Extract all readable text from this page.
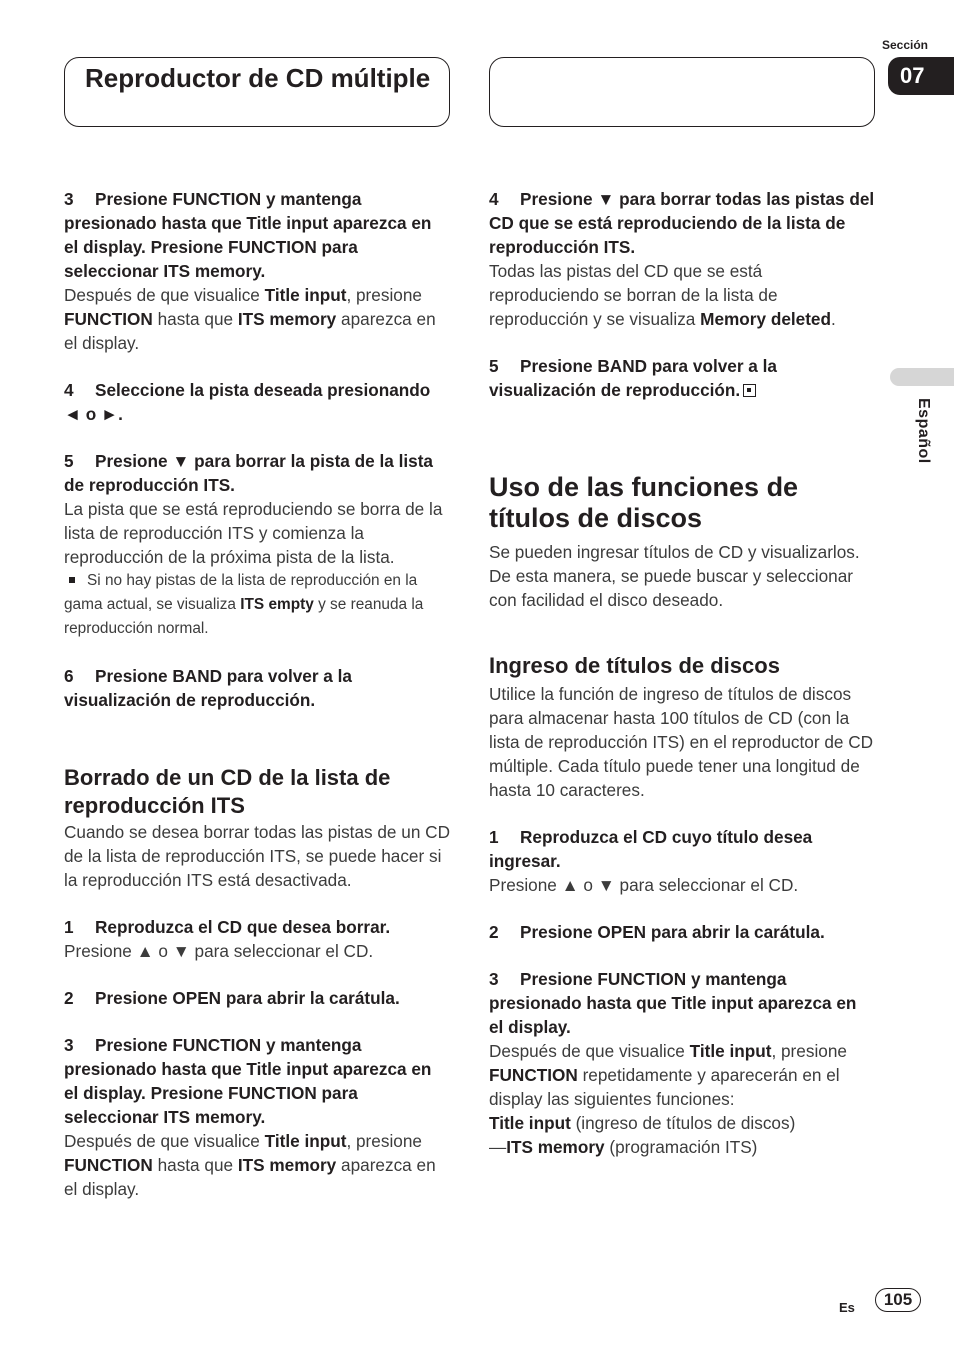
Reproductor de CD múltiple
Sección
07
Español

3 Presione FUNCTION y mantenga presionado hasta que Title input aparezca en el display. Presione FUNCTION para seleccionar ITS memory.

Después de que visualice Title input, presione FUNCTION hasta que ITS memory aparezca en el display.

4 Seleccione la pista deseada presionando ◄ o ►.

5 Presione ▼ para borrar la pista de la lista de reproducción ITS.

La pista que se está reproduciendo se borra de la lista de reproducción ITS y comienza la reproducción de la próxima pista de la lista.

Si no hay pistas de la lista de reproducción en la gama actual, se visualiza ITS empty y se reanuda la reproducción normal.

6 Presione BAND para volver a la visualización de reproducción.

Borrado de un CD de la lista de reproducción ITS

Cuando se desea borrar todas las pistas de un CD de la lista de reproducción ITS, se puede hacer si la reproducción ITS está desactivada.

1 Reproduzca el CD que desea borrar.

Presione ▲ o ▼ para seleccionar el CD.

2 Presione OPEN para abrir la carátula.

3 Presione FUNCTION y mantenga presionado hasta que Title input aparezca en el display. Presione FUNCTION para seleccionar ITS memory.

Después de que visualice Title input, presione FUNCTION hasta que ITS memory aparezca en el display.

4 Presione ▼ para borrar todas las pistas del CD que se está reproduciendo de la lista de reproducción ITS.

Todas las pistas del CD que se está reproduciendo se borran de la lista de reproducción y se visualiza Memory deleted.

5 Presione BAND para volver a la visualización de reproducción.

Uso de las funciones de títulos de discos

Se pueden ingresar títulos de CD y visualizarlos. De esta manera, se puede buscar y seleccionar con facilidad el disco deseado.

Ingreso de títulos de discos

Utilice la función de ingreso de títulos de discos para almacenar hasta 100 títulos de CD (con la lista de reproducción ITS) en el reproductor de CD múltiple. Cada título puede tener una longitud de hasta 10 caracteres.

1 Reproduzca el CD cuyo título desea ingresar.

Presione ▲ o ▼ para seleccionar el CD.

2 Presione OPEN para abrir la carátula.

3 Presione FUNCTION y mantenga presionado hasta que Title input aparezca en el display.

Después de que visualice Title input, presione FUNCTION repetidamente y aparecerán en el display las siguientes funciones:

Title input (ingreso de títulos de discos)

—ITS memory (programación ITS)

Es	105
